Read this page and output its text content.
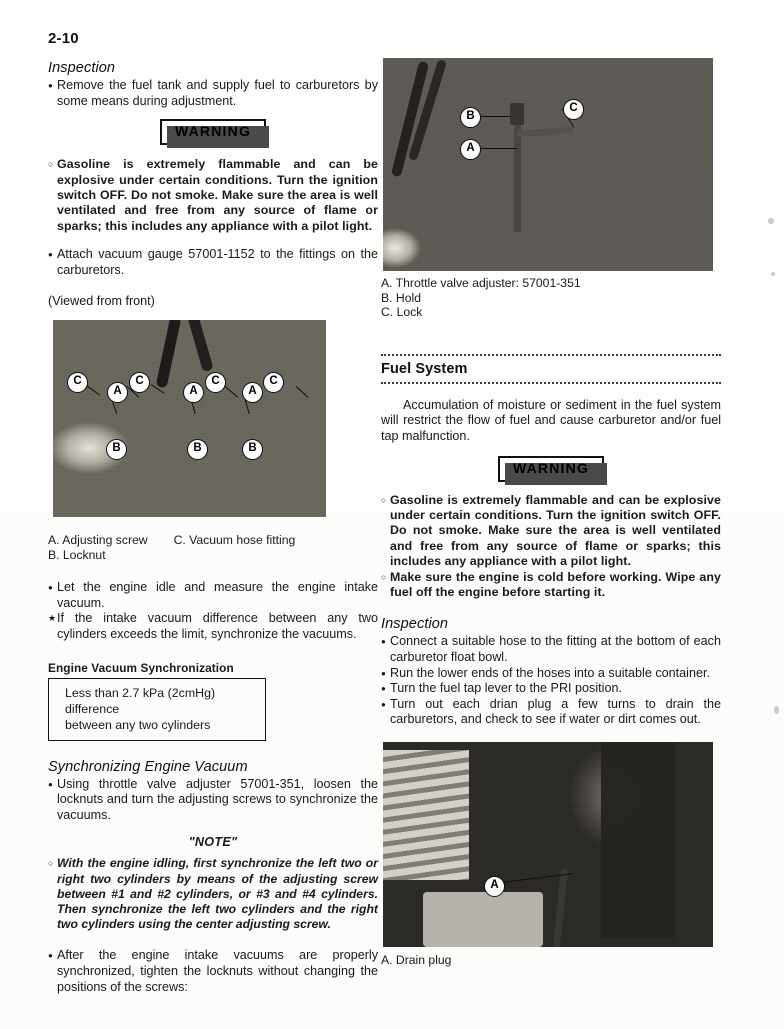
2-10
Inspection
●
Remove the fuel tank and supply fuel to carburetors by some means during adjustment.
WARNING
○
Gasoline is extremely flammable and can be explosive under certain conditions. Turn the ignition switch OFF. Do not smoke. Make sure the area is well ventilated and free from any source of flame or sparks; this includes any appliance with a pilot light.
●
Attach vacuum gauge 57001-1152 to the fittings on the carburetors.
(Viewed from front)
C
A
C
A
C
A
C
B	B	B
A. Adjusting screw C. Vacuum hose fitting
B. Locknut
●
Let the engine idle and measure the engine intake vacuum.
★
If the intake vacuum difference between any two cylinders exceeds the limit, synchronize the vacuums.
Engine Vacuum Synchronization
Less than 2.7 kPa (2cmHg) difference
between any two cylinders
Synchronizing Engine Vacuum
●
Using throttle valve adjuster 57001-351, loosen the locknuts and turn the adjusting screws to synchronize the vacuums.
"NOTE"
○
With the engine idling, first synchronize the left two or right two cylinders by means of the adjusting screw between #1 and #2 cylinders, or #3 and #4 cylinders. Then synchronize the left two cylinders and the right two cylinders using the center adjusting screw.
●
After the engine intake vacuums are properly synchronized, tighten the locknuts without changing the positions of the screws:
B
C
A
A. Throttle valve adjuster: 57001-351
B. Hold
C. Lock
Fuel System
Accumulation of moisture or sediment in the fuel system will restrict the flow of fuel and cause carburetor and/or fuel tap malfunction.
WARNING
○
Gasoline is extremely flammable and can be explosive under certain conditions. Turn the ignition switch OFF. Do not smoke. Make sure the area is well ventilated and free from any source of flame or sparks; this includes any appliance with a pilot light.
○
Make sure the engine is cold before working. Wipe any fuel off the engine before starting it.
Inspection
●
Connect a suitable hose to the fitting at the bottom of each carburetor float bowl.
●
Run the lower ends of the hoses into a suitable container.
●
Turn the fuel tap lever to the PRI position.
●
Turn out each drian plug a few turns to drain the carburetors, and check to see if water or dirt comes out.
A
A. Drain plug
